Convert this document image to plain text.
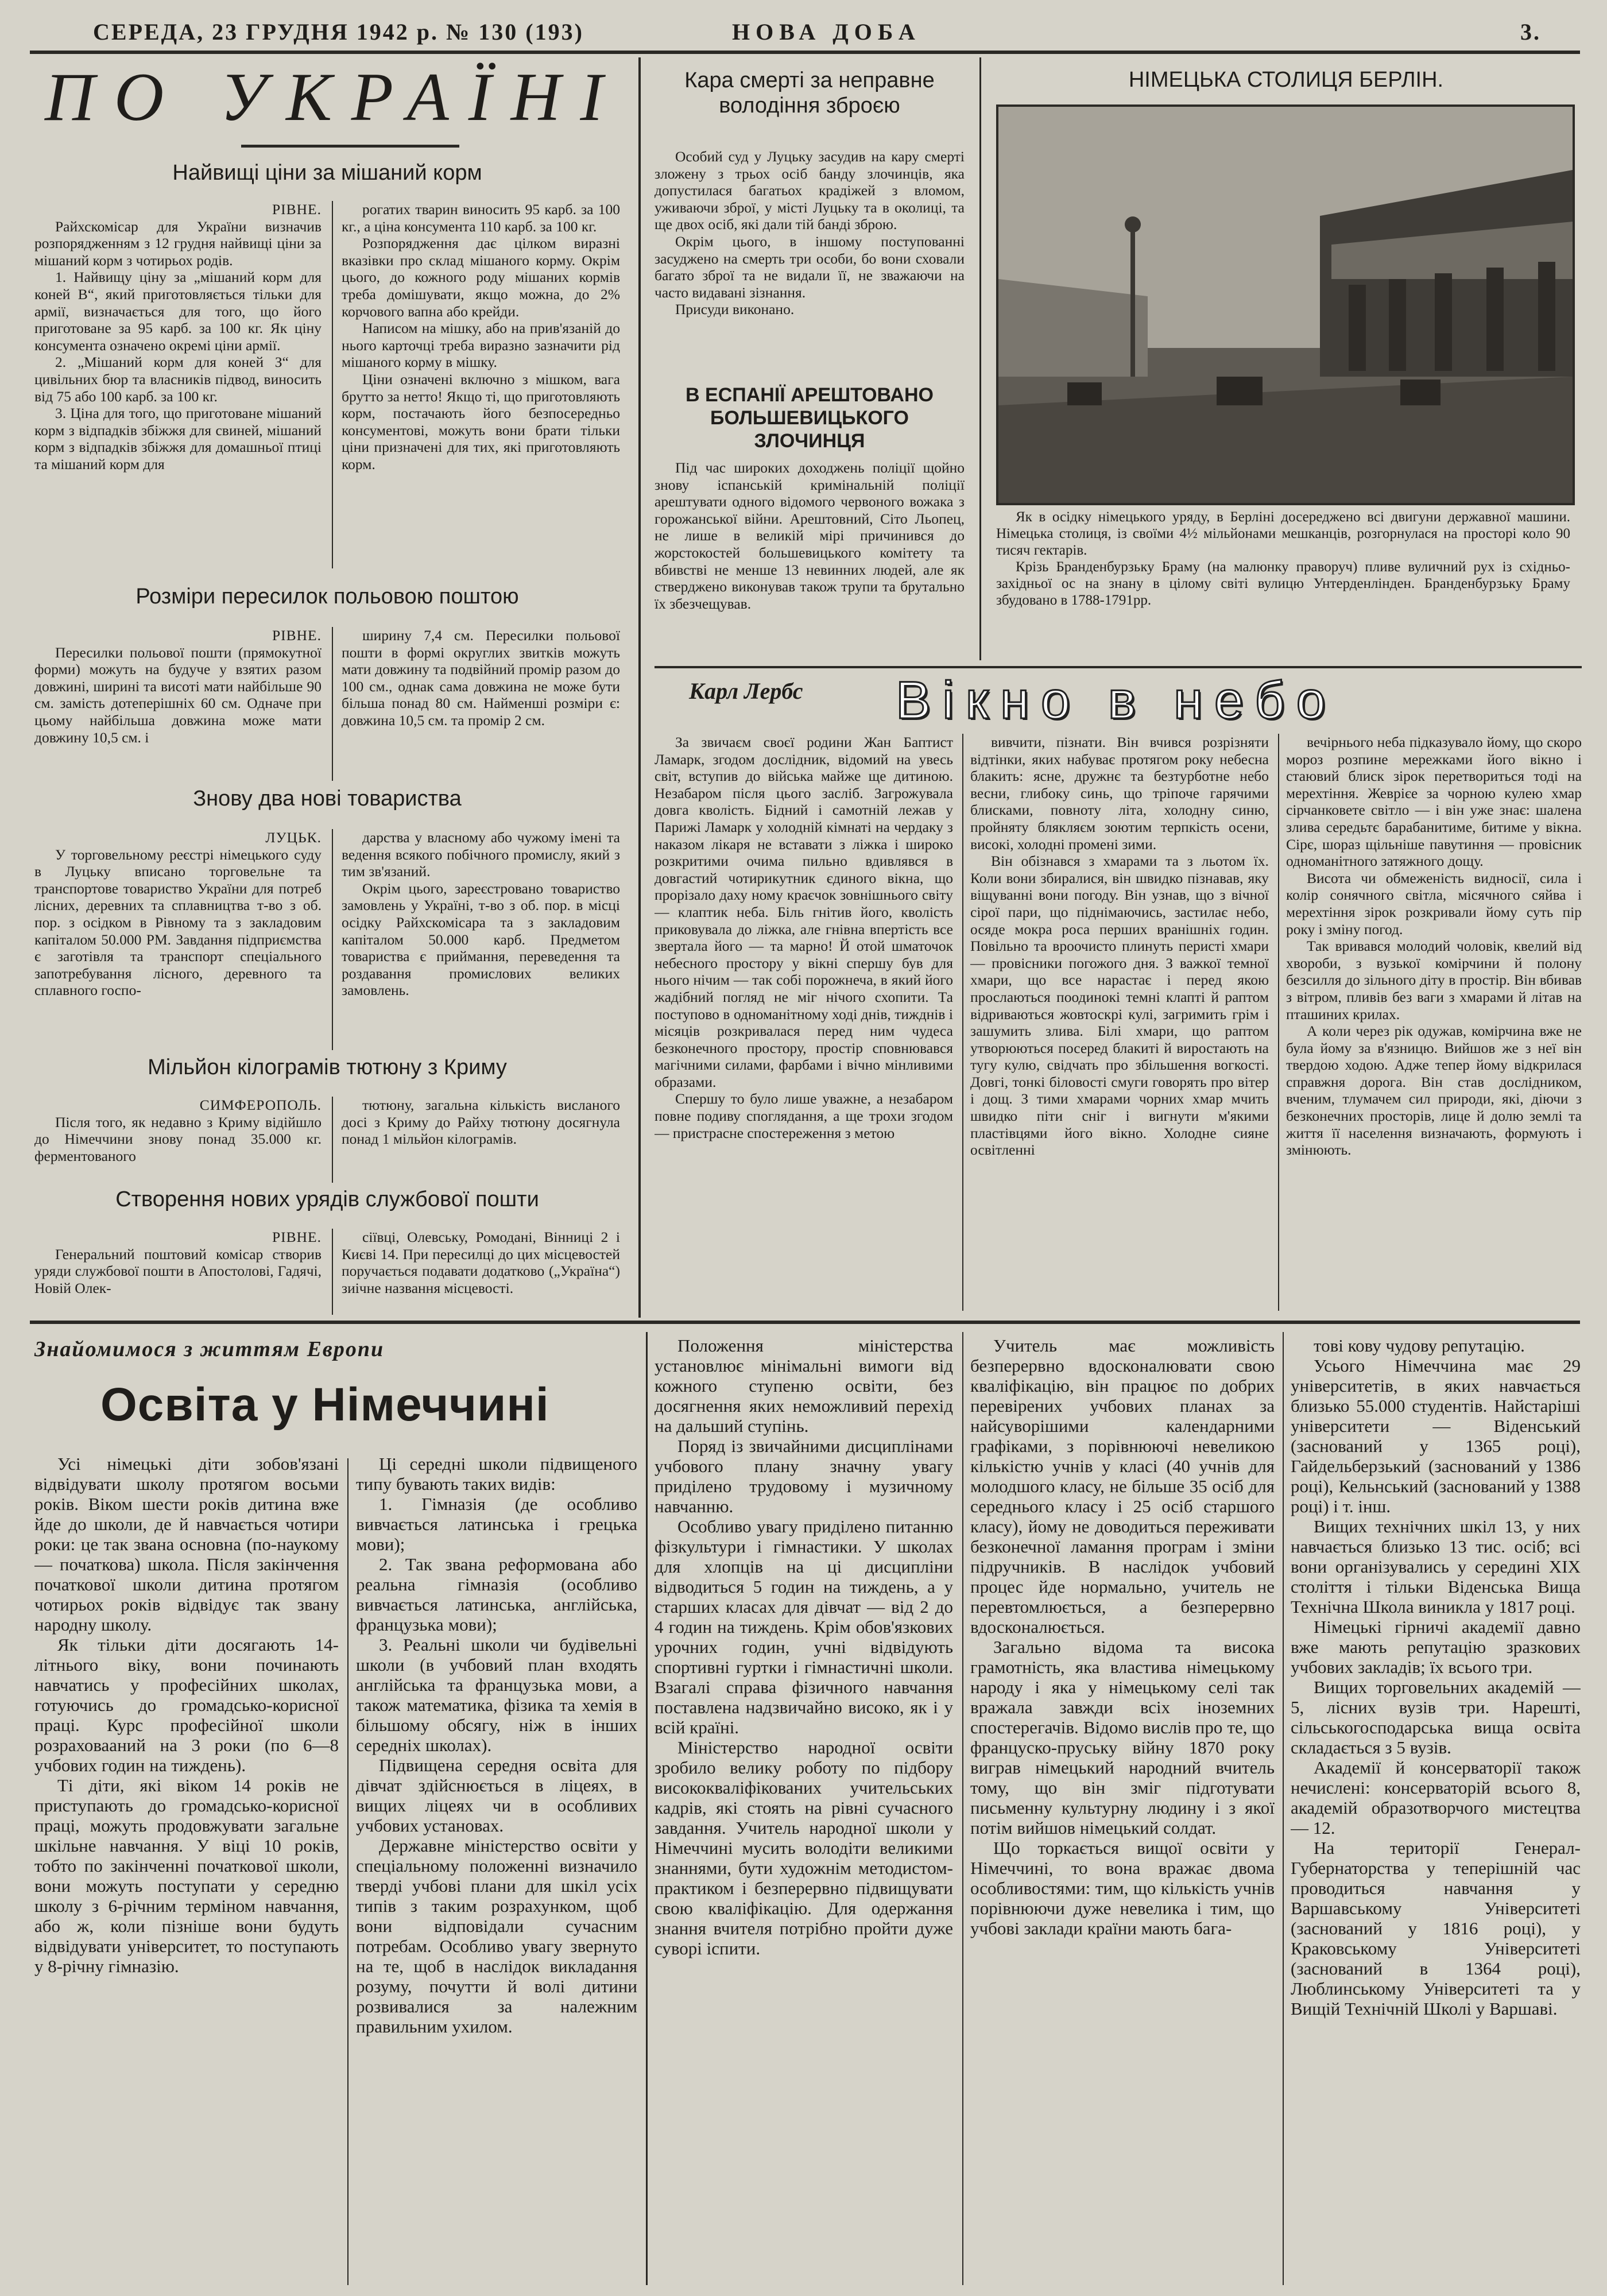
СЕРЕДА, 23 ГРУДНЯ 1942 р. № 130 (193)	НОВА ДОБА	3.
ПО УКРАЇНІ
Найвищі ціни за мішаний корм

РІВНЕ.

Райхскомісар для України визначив розпорядженням з 12 грудня найвищі ціни за мішаний корм з чотирьох родів.

1. Найвищу ціну за „мішаний корм для коней В“, який приготовляється тільки для армії, визначається для того, що його приготоване за 95 карб. за 100 кг. Як ціну консумента означено окремі ціни армії.

2. „Мішаний корм для коней З“ для цивільних бюр та власників підвод, виносить від 75 або 100 карб. за 100 кг.

3. Ціна для того, що приготоване мішаний корм з відпадків збіжжя для свиней, мішаний корм з відпадків збіжжя для домашньої птиці та мішаний корм для

рогатих тварин виносить 95 карб. за 100 кг., а ціна консумента 110 карб. за 100 кг.

Розпорядження дає цілком виразні вказівки про склад мішаного корму. Окрім цього, до кожного роду мішаних кормів треба домішувати, якщо можна, до 2% корчового вапна або крейди.

Написом на мішку, або на прив'язаній до нього карточці треба виразно зазначити рід мішаного корму в мішку.

Ціни означені включно з мішком, вага брутто за нетто! Якщо ті, що приготовляють корм, постачають його безпосередньо консументові, можуть вони брати тільки ціни призначені для тих, які приготовляють корм.

Розміри пересилок польовою поштою

РІВНЕ.

Пересилки польової пошти (прямокутної форми) можуть на будуче у взятих разом довжині, ширині та висоті мати найбільше 90 см. замість дотеперішніх 60 см. Одначе при цьому найбільша довжина може мати довжину 10,5 см. і

ширину 7,4 см. Пересилки польової пошти в формі округлих звитків можуть мати довжину та подвійний промір разом до 100 см., однак сама довжина не може бути більша понад 80 см. Найменші розміри є: довжина 10,5 см. та промір 2 см.

Знову два нові товариства

ЛУЦЬК.

У торговельному реєстрі німецького суду в Луцьку вписано торговельне та транспортове товариство України для потреб лісних, деревних та сплавництва т-во з об. пор. з осідком в Рівному та з закладовим капіталом 50.000 РМ. Завдання підприємства є заготівля та транспорт спеціального запотребування лісного, деревного та сплавного госпо-

дарства у власному або чужому імені та ведення всякого побічного промислу, який з тим зв'язаний.

Окрім цього, зареєстровано товариство замовлень у Україні, т-во з об. пор. в місці осідку Райхскомісара та з закладовим капіталом 50.000 карб. Предметом товариства є приймання, переведення та роздавання промислових великих замовлень.

Мільйон кілограмів тютюну з Криму

СИМФЕРОПОЛЬ.

Після того, як недавно з Криму відійшло до Німеччини знову понад 35.000 кг. ферментованого

тютюну, загальна кількість висланого досі з Криму до Райху тютюну досягнула понад 1 мільйон кілограмів.

Створення нових урядів службової пошти

РІВНЕ.

Генеральний поштовий комісар створив уряди службової пошти в Апостолові, Гадячі, Новій Олек-

сіївці, Олевську, Ромодані, Вінниці 2 і Києві 14. При пересилці до цих місцевостей поручається подавати додатково („Україна“) зиічне названня місцевості.

Кара смерті за неправне володіння зброєю

Особий суд у Луцьку засудив на кару смерті зложену з трьох осіб банду злочинців, яка допустилася багатьох крадіжей з вломом, уживаючи зброї, у місті Луцьку та в околиці, та ще двох осіб, які дали тій банді зброю.

Окрім цього, в іншому поступованні засуджено на смерть три особи, бо вони сховали багато зброї та не видали її, не зважаючи на часто видавані зізнання.

Присуди виконано.

В ЕСПАНІЇ АРЕШТОВАНО БОЛЬШЕВИЦЬКОГО ЗЛОЧИНЦЯ

Під час широких доходжень поліції щойно знову іспанській кримінальній поліції арештувати одного відомого червоного вожака з горожанської війни. Арештовний, Сіто Льопец, не лише в великій мірі причинився до жорстокостей большевицького комітету та вбивстві не менше 13 невинних людей, але як стверджено виконував також трупи та брутально їх збезчещував.

НІМЕЦЬКА СТОЛИЦЯ БЕРЛІН.

Як в осідку німецького уряду, в Берліні досереджено всі двигуни державної машини. Німецька столиця, із своїми 4½ мільйонами мешканців, розгорнулася на просторі коло 90 тисяч гектарів.

Крізь Бранденбурзьку Браму (на малюнку праворуч) пливе вуличний рух із східньо-західньої ос на знану в цілому світі вулицю Унтерденлінден. Бранденбурзьку Браму збудовано в 1788-1791рр.

Карл Лербс Вікно в небо

За звичаєм своєї родини Жан Баптист Ламарк, згодом дослідник, відомий на увесь світ, вступив до війська майже ще дитиною. Незабаром після цього засліб. Загрожувала довга кволість. Бідний і самотній лежав у Парижі Ламарк у холодній кімнаті на чердаку з наказом лікаря не вставати з ліжка і широко розкритими очима пильно вдивлявся в довгастий чотирикутник єдиного вікна, що прорізало даху ному краєчок зовнішнього світу — клаптик неба. Біль гнітив його, кволість приковувала до ліжка, але гнівна впертість все звертала його — та марно! Й отой шматочок небесного простору у вікні спершу був для нього нічим — так собі порожнеча, в який його жадібний погляд не міг нічого схопити. Та поступово в одноманітному ході днів, тижднів і місяців розкривалася перед ним чудеса безконечного простору, простір сповнювався магічними силами, фарбами і вічно мінливими образами.

Спершу то було лише уважне, а незабаром повне подиву споглядання, а ще трохи згодом — пристрасне спостереження з метою

вивчити, пізнати. Він вчився розрізняти відтінки, яких набуває протягом року небесна блакить: ясне, дружнє та безтурботне небо весни, глибоку синь, що тріпоче гарячими блисками, повноту літа, холодну синю, пройняту блякляєм зоютим терпкість осени, високі, холодні промені зими.

Він обізнався з хмарами та з льотом їх. Коли вони збиралися, він швидко пізнавав, яку віщуванні вони погоду. Він узнав, що з вічної сірої пари, що піднімаючись, застилає небо, осяде мокра роса перших вранішніх годин. Повільно та вроочисто плинуть перисті хмари — провісники погожого дня. З важкої темної хмари, що все нарастає і перед якою прослаються поодинокі темні клапті й раптом відриваються жовтоскрі кулі, загримить грім і зашумить злива. Білі хмари, що раптом утворюються посеред блакиті й виростають на тугу кулю, свідчать про збільшення вогкості. Довгі, тонкі біловості смуги говорять про вітер і дощ. З тими хмарами чорних хмар мчить швидко піти сніг і вигнути м'якими пластівцями його вікно. Холодне сияне освітленні

вечірнього неба підказувало йому, що скоро мороз розпине мережками його вікно і стаювий блиск зірок перетвориться тоді на мерехтіння. Жеврієе за чорною кулею хмар сірчанковете світло — і він уже знає: шалена злива середьтє барабанитиме, битиме у вікна. Сірє, шораз щільніше павутиння — провісник одноманітного затяжного дощу.

Висота чи обмеженість видносії, сила і колір сонячного світла, місячного сяйва і мерехтіння зірок розкривали йому суть пір року і зміну погод.

Так вривався молодий чоловік, квелий від хвороби, з вузької комірчини й полону безсилля до зільного діту в простір. Він вбивав з вітром, пливів без ваги з хмарами й літав на пташиних крилах.

А коли через рік одужав, комірчина вже не була йому за в'язницю. Вийшов же з неї він твердою ходою. Адже тепер йому відкрилася справжня дорога. Він став дослідником, вченим, тлумачем сил природи, які, діючи з безконечних просторів, лице й долю землі та життя її населення визначають, формують і змінюють.

Знайомимося з життям Европи
Освіта у Німеччині

Усі німецькі діти зобов'язані відвідувати школу протягом восьми років. Віком шести років дитина вже йде до школи, де й навчається чотири роки: це так звана основна (по-наукому — початкова) школа. Після закінчення початкової школи дитина протягом чотирьох років відвідує так звану народну школу.

Як тільки діти досягають 14-літнього віку, вони починають навчатись у професійних школах, готуючись до громадсько-корисної праці. Курс професійної школи розраховааний на 3 роки (по 6—8 учбових годин на тиждень).

Ті діти, які віком 14 років не приступають до громадсько-корисної праці, можуть продовжувати загальне шкільне навчання. У віці 10 років, тобто по закінченні початкової школи, вони можуть поступати у середню школу з 6-річним терміном навчання, або ж, коли пізніше вони будуть відвідувати університет, то поступають у 8-річну гімназію.

Ці середні школи підвищеного типу бувають таких видів:

1. Гімназія (де особливо вивчається латинська і грецька мови);

2. Так звана реформована або реальна гімназія (особливо вивчається латинська, англійська, французька мови);

3. Реальні школи чи будівельні школи (в учбовий план входять англійська та французька мови, а також математика, фізика та хемія в більшому обсягу, ніж в інших середніх школах).

Підвищена середня освіта для дівчат здійснюється в ліцеях, в вищих ліцеях чи в особливих учбових установах.

Державне міністерство освіти у спеціальному положенні визначило тверді учбові плани для шкіл усіх типів з таким розрахунком, щоб вони відповідали сучасним потребам. Особливо увагу звернуто на те, щоб в наслідок викладання розуму, почутти й волі дитини розвивалися за належним правильним ухилом.

Положення міністерства установлює мінімальні вимоги від кожного ступеню освіти, без досягнення яких неможливий перехід на дальший ступінь.

Поряд із звичайними дисциплінами учбового плану значну увагу приділено трудовому і музичному навчанню.

Особливо увагу приділено питанню фізкультури і гімнастики. У школах для хлопців на ці дисципліни відводиться 5 годин на тиждень, а у старших класах для дівчат — від 2 до 4 годин на тиждень. Крім обов'язкових урочних годин, учні відвідують спортивні гуртки і гімнастичні школи. Взагалі справа фізичного навчання поставлена надзвичайно високо, як і у всій країні.

Міністерство народної освіти зробило велику роботу по підбору висококваліфікованих учительських кадрів, які стоять на рівні сучасного завдання. Учитель народної школи у Німеччині мусить володіти великими знаннями, бути художнім методистом-практиком і безперервно підвищувати свою кваліфікацію. Для одержання знання вчителя потрібно пройти дуже суворі іспити.

Учитель має можливість безперервно вдосконалювати свою кваліфікацію, він працює по добрих перевірених учбових планах за найсуворішими календарними графіками, з порівнюючі невеликою кількістю учнів у класі (40 учнів для молодшого класу, не більше 35 осіб для середнього класу і 25 осіб старшого класу), йому не доводиться переживати безконечної ламання програм і зміни підручників. В наслідок учбовий процес йде нормально, учитель не перевтомлюється, а безперервно вдосконалюється.

Загально відома та висока грамотність, яка властива німецькому народу і яка у німецькому селі так вражала завжди всіх іноземних спостерегачів. Відомо вислів про те, що француско-пруську війну 1870 року виграв німецький народний вчитель тому, що він зміг підготувати письменну культурну людину і з якої потім вийшов німецький солдат.

Що торкається вищої освіти у Німеччині, то вона вражає двома особливостями: тим, що кількість учнів порівнюючи дуже невелика і тим, що учбові заклади країни мають бага-

тові кову чудову репутацію.

Усього Німеччина має 29 університетів, в яких навчається близько 55.000 студентів. Найстаріші університети — Віденський (заснований у 1365 році), Гайдельберзький (заснований у 1386 році), Кельнський (заснований у 1388 році) і т. інш.

Вищих технічних шкіл 13, у них навчається близько 13 тис. осіб; всі вони організувались у середині XIX століття і тільки Віденська Вища Технічна Школа виникла у 1817 році.

Німецькі гірничі академії давно вже мають репутацію зразкових учбових закладів; їх всього три.

Вищих торговельних академій — 5, лісних вузів три. Нарешті, сільськогосподарська вища освіта складається з 5 вузів.

Академії й консерваторії також нечислені: консерваторій всього 8, академій образотворчого мистецтва — 12.

На території Генерал-Губернаторства у теперішній час проводиться навчання у Варшавському Університеті (заснований у 1816 році), у Краковському Університеті (заснований в 1364 році), Люблинському Університеті та у Вищій Технічній Школі у Варшаві.
